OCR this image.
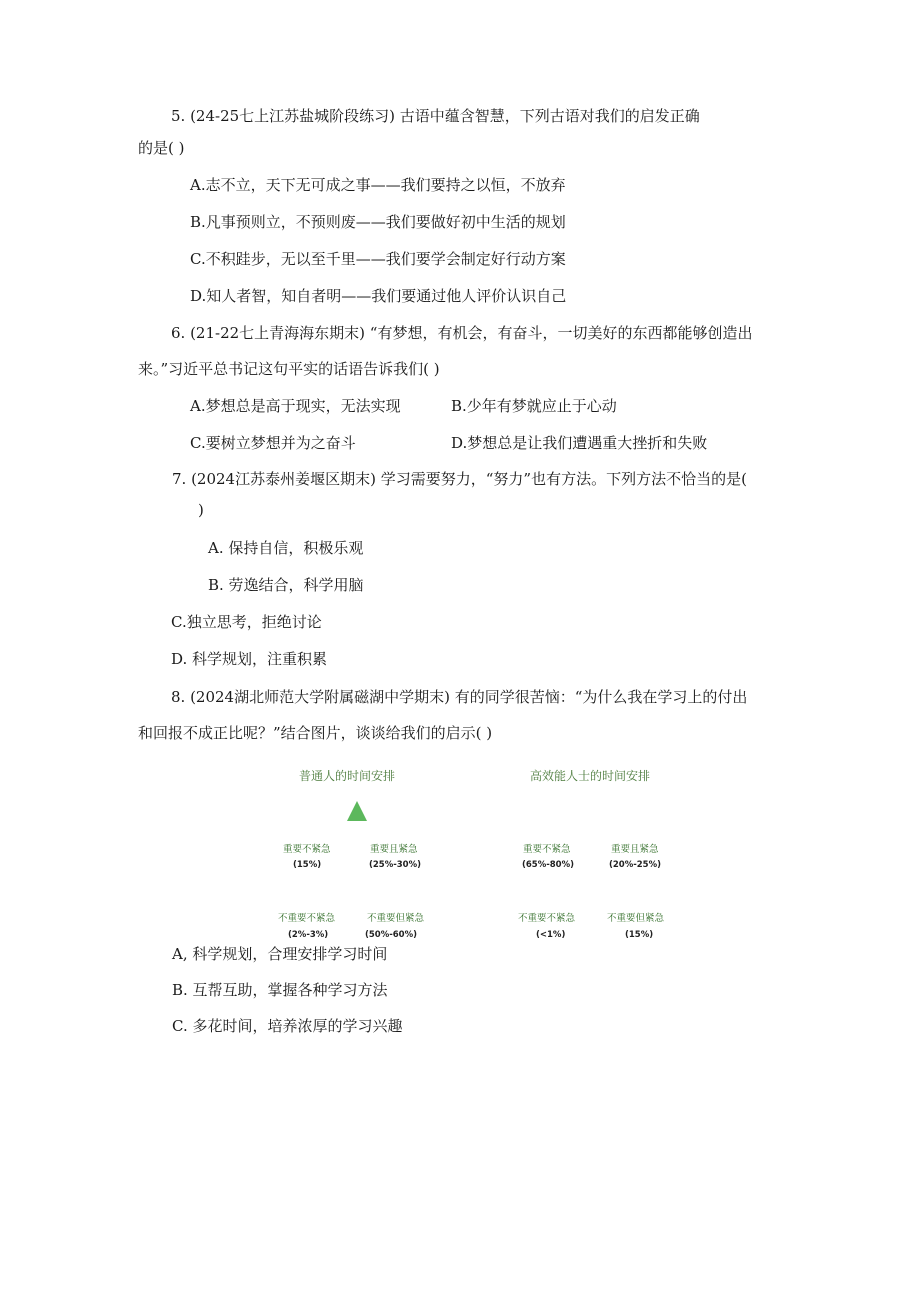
5. (24-25七上江苏盐城阶段练习) 古语中蕴含智慧，下列古语对我们的启发正确
的是( )
A.志不立，天下无可成之事——我们要持之以恒，不放弃
B.凡事预则立，不预则废——我们要做好初中生活的规划
C.不积跬步，无以至千里——我们要学会制定好行动方案
D.知人者智，知自者明——我们要通过他人评价认识自己
6. (21-22七上青海海东期末) “有梦想，有机会，有奋斗，一切美好的东西都能够创造出
来。”习近平总书记这句平实的话语告诉我们( )
A.梦想总是高于现实，无法实现	B.少年有梦就应止于心动
C.要树立梦想并为之奋斗	D.梦想总是让我们遭遇重大挫折和失败
7. (2024江苏泰州姜堰区期末) 学习需要努力，“努力”也有方法。下列方法不恰当的是(
)
A. 保持自信，积极乐观
B. 劳逸结合，科学用脑
C.独立思考，拒绝讨论
D. 科学规划，注重积累
8. (2024湖北师范大学附属磁湖中学期末) 有的同学很苦恼：“为什么我在学习上的付出
和回报不成正比呢？”结合图片，谈谈给我们的启示( )
普通人的时间安排	高效能人士的时间安排
重要不紧急
(15%)
重要且紧急
(25%-30%)
不重要不紧急
(2%-3%)
不重要但紧急
(50%-60%)
重要不紧急
(65%-80%)
重要且紧急
(20%-25%)
不重要不紧急
(<1%)
不重要但紧急
(15%)
A, 科学规划，合理安排学习时间
B. 互帮互助，掌握各种学习方法
C. 多花时间，培养浓厚的学习兴趣
